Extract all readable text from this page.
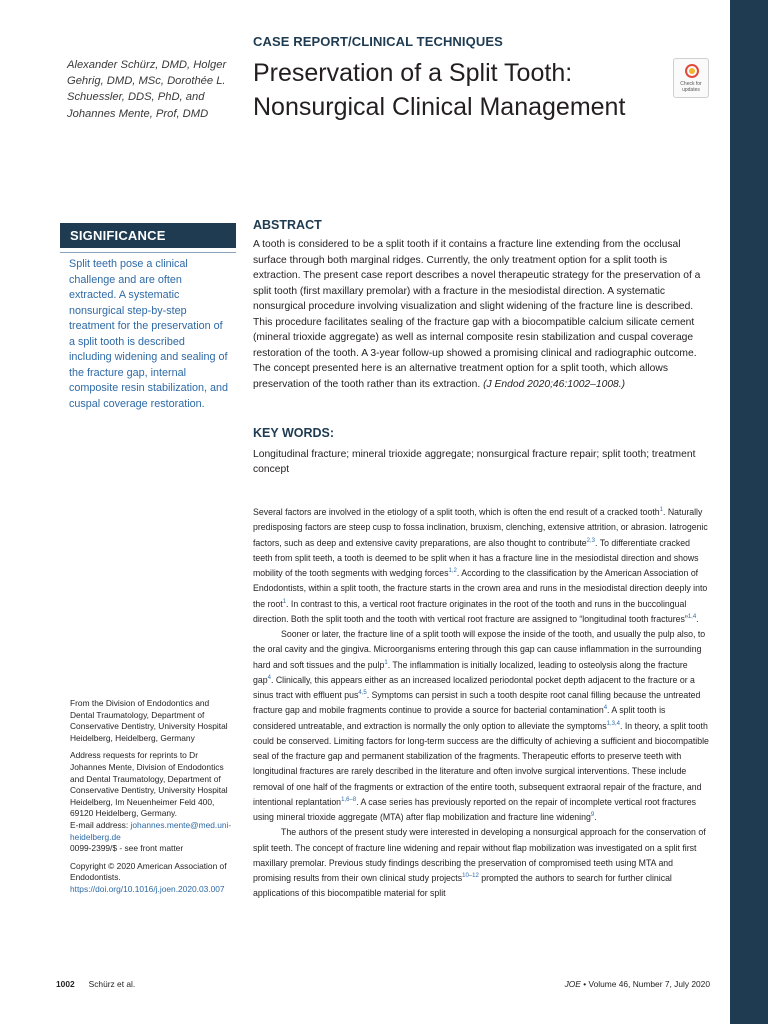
Alexander Schürz, DMD, Holger Gehrig, DMD, MSc, Dorothée L. Schuessler, DDS, PhD, and Johannes Mente, Prof, DMD
SIGNIFICANCE
Split teeth pose a clinical challenge and are often extracted. A systematic nonsurgical step-by-step treatment for the preservation of a split tooth is described including widening and sealing of the fracture gap, internal composite resin stabilization, and cuspal coverage restoration.

From the Division of Endodontics and Dental Traumatology, Department of Conservative Dentistry, University Hospital Heidelberg, Heidelberg, Germany

Address requests for reprints to Dr Johannes Mente, Division of Endodontics and Dental Traumatology, Department of Conservative Dentistry, University Hospital Heidelberg, Im Neuenheimer Feld 400, 69120 Heidelberg, Germany.
E-mail address: johannes.mente@med.uni-heidelberg.de
0099-2399/$ - see front matter

Copyright © 2020 American Association of Endodontists.
https://doi.org/10.1016/j.joen.2020.03.007

CASE REPORT/CLINICAL TECHNIQUES
Preservation of a Split Tooth: Nonsurgical Clinical Management
Check for updates
ABSTRACT
A tooth is considered to be a split tooth if it contains a fracture line extending from the occlusal surface through both marginal ridges. Currently, the only treatment option for a split tooth is extraction. The present case report describes a novel therapeutic strategy for the preservation of a split tooth (first maxillary premolar) with a fracture in the mesiodistal direction. A systematic nonsurgical procedure involving visualization and slight widening of the fracture line is described. This procedure facilitates sealing of the fracture gap with a biocompatible calcium silicate cement (mineral trioxide aggregate) as well as internal composite resin stabilization and cuspal coverage restoration of the tooth. A 3-year follow-up showed a promising clinical and radiographic outcome. The concept presented here is an alternative treatment option for a split tooth, which allows preservation of the tooth rather than its extraction. (J Endod 2020;46:1002–1008.)
KEY WORDS:
Longitudinal fracture; mineral trioxide aggregate; nonsurgical fracture repair; split tooth; treatment concept

Several factors are involved in the etiology of a split tooth, which is often the end result of a cracked tooth$^1$. Naturally predisposing factors are steep cusp to fossa inclination, bruxism, clenching, extensive attrition, or abrasion. Iatrogenic factors, such as deep and extensive cavity preparations, are also thought to contribute$^{2,3}$. To differentiate cracked teeth from split teeth, a tooth is deemed to be split when it has a fracture line in the mesiodistal direction and shows mobility of the tooth segments with wedging forces$^{1,2}$. According to the classification by the American Association of Endodontists, within a split tooth, the fracture starts in the crown area and runs in the mesiodistal direction deeply into the root$^1$. In contrast to this, a vertical root fracture originates in the root of the tooth and runs in the buccolingual direction. Both the split tooth and the tooth with vertical root fracture are assigned to “longitudinal tooth fractures”$^{1,4}$.

Sooner or later, the fracture line of a split tooth will expose the inside of the tooth, and usually the pulp also, to the oral cavity and the gingiva. Microorganisms entering through this gap can cause inflammation in the surrounding hard and soft tissues and the pulp$^1$. The inflammation is initially localized, leading to osteolysis along the fracture gap$^4$. Clinically, this appears either as an increased localized periodontal pocket depth adjacent to the fracture or a sinus tract with effluent pus$^{4,5}$. Symptoms can persist in such a tooth despite root canal filling because the untreated fracture gap and mobile fragments continue to provide a source for bacterial contamination$^4$. A split tooth is considered untreatable, and extraction is normally the only option to alleviate the symptoms$^{1,3,4}$. In theory, a split tooth could be conserved. Limiting factors for long-term success are the difficulty of achieving a sufficient and biocompatible seal of the fracture gap and permanent stabilization of the fragments. Therapeutic efforts to preserve teeth with longitudinal fractures are rarely described in the literature and often involve surgical interventions. These include removal of one half of the fragments or extraction of the entire tooth, subsequent extraoral repair of the fracture, and intentional replantation$^{1,6-8}$. A case series has previously reported on the repair of incomplete vertical root fractures using mineral trioxide aggregate (MTA) after flap mobilization and fracture line widening$^9$.

The authors of the present study were interested in developing a nonsurgical approach for the conservation of split teeth. The concept of fracture line widening and repair without flap mobilization was investigated on a split first maxillary premolar. Previous study findings describing the preservation of compromised teeth using MTA and promising results from their own clinical study projects$^{10-12}$ prompted the authors to search for further clinical applications of this biocompatible material for split

1002 Schürz et al.	JOE • Volume 46, Number 7, July 2020
